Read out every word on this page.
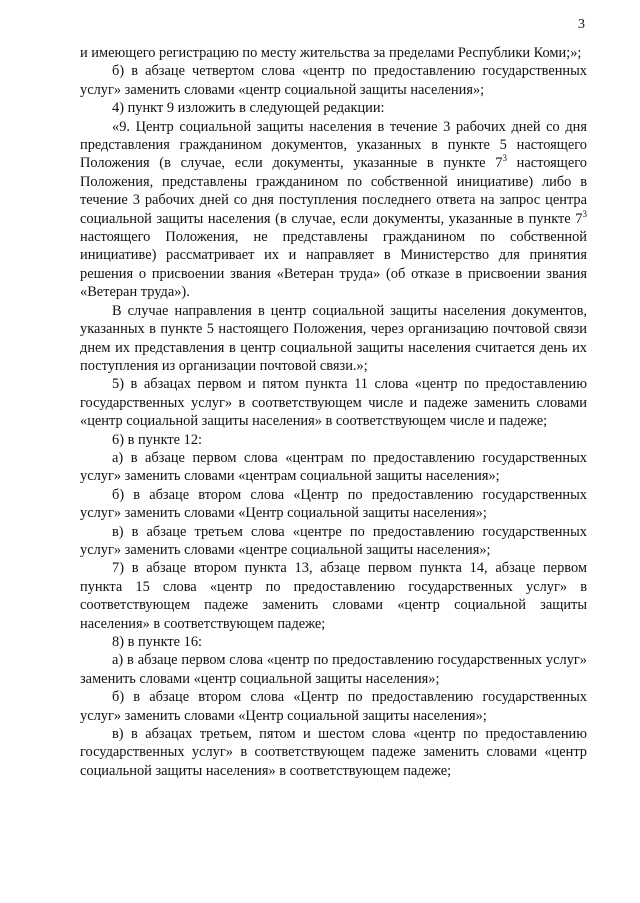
3

и имеющего регистрацию по месту жительства за пределами Республики Коми;»;

б) в абзаце четвертом слова «центр по предоставлению государственных услуг» заменить словами «центр социальной защиты населения»;

4) пункт 9 изложить в следующей редакции:

«9. Центр социальной защиты населения в течение 3 рабочих дней со дня представления гражданином документов, указанных в пункте 5 настоящего Положения (в случае, если документы, указанные в пункте $7^3$ настоящего Положения, представлены гражданином по собственной инициативе) либо в течение 3 рабочих дней со дня поступления последнего ответа на запрос центра социальной защиты населения (в случае, если документы, указанные в пункте $7^3$ настоящего Положения, не представлены гражданином по собственной инициативе) рассматривает их и направляет в Министерство для принятия решения о присвоении звания «Ветеран труда» (об отказе в присвоении звания «Ветеран труда»).

В случае направления в центр социальной защиты населения документов, указанных в пункте 5 настоящего Положения, через организацию почтовой связи днем их представления в центр социальной защиты населения считается день их поступления из организации почтовой связи.»;

5) в абзацах первом и пятом пункта 11 слова «центр по предоставлению государственных услуг» в соответствующем числе и падеже заменить словами «центр социальной защиты населения» в соответствующем числе и падеже;

6) в пункте 12:

а) в абзаце первом слова «центрам по предоставлению государственных услуг» заменить словами «центрам социальной защиты населения»;

б) в абзаце втором слова «Центр по предоставлению государственных услуг» заменить словами «Центр социальной защиты населения»;

в) в абзаце третьем слова «центре по предоставлению государственных услуг» заменить словами «центре социальной защиты населения»;

7) в абзаце втором пункта 13, абзаце первом пункта 14, абзаце первом пункта 15 слова «центр по предоставлению государственных услуг» в соответствующем падеже заменить словами «центр социальной защиты населения» в соответствующем падеже;

8) в пункте 16:

а) в абзаце первом слова «центр по предоставлению государственных услуг» заменить словами «центр социальной защиты населения»;

б) в абзаце втором слова «Центр по предоставлению государственных услуг» заменить словами «Центр социальной защиты населения»;

в) в абзацах третьем, пятом и шестом слова «центр по предоставлению государственных услуг» в соответствующем падеже заменить словами «центр социальной защиты населения» в соответствующем падеже;
